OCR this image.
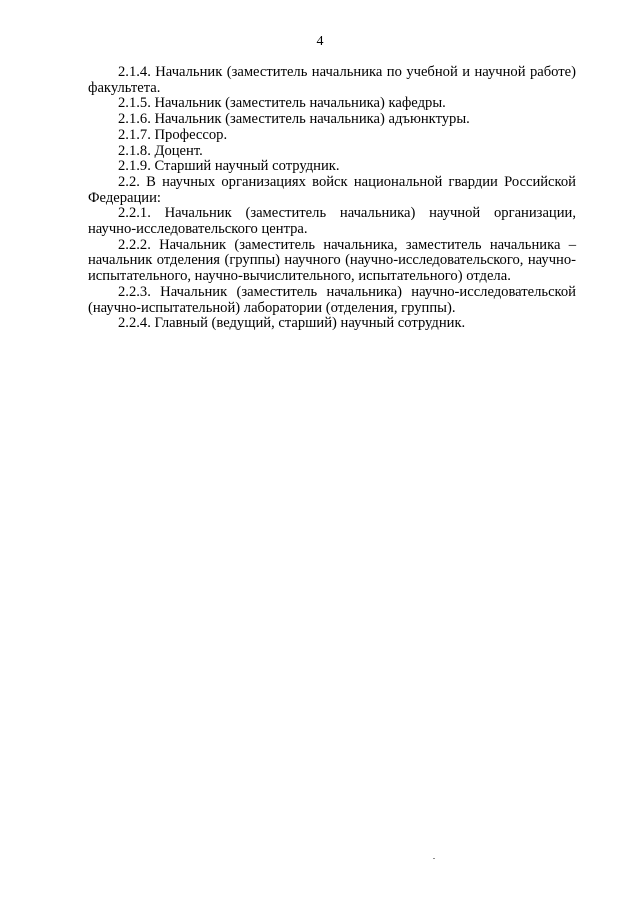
4

2.1.4. Начальник (заместитель начальника по учебной и научной работе) факультета.

2.1.5. Начальник (заместитель начальника) кафедры.

2.1.6. Начальник (заместитель начальника) адъюнктуры.

2.1.7. Профессор.

2.1.8. Доцент.

2.1.9. Старший научный сотрудник.

2.2. В научных организациях войск национальной гвардии Российской Федерации:

2.2.1. Начальник (заместитель начальника) научной организации, научно-исследовательского центра.

2.2.2. Начальник (заместитель начальника, заместитель начальника – начальник отделения (группы) научного (научно-исследовательского, научно-испытательного, научно-вычислительного, испытательного) отдела.

2.2.3. Начальник (заместитель начальника) научно-исследовательской (научно-испытательной) лаборатории (отделения, группы).

2.2.4. Главный (ведущий, старший) научный сотрудник.
